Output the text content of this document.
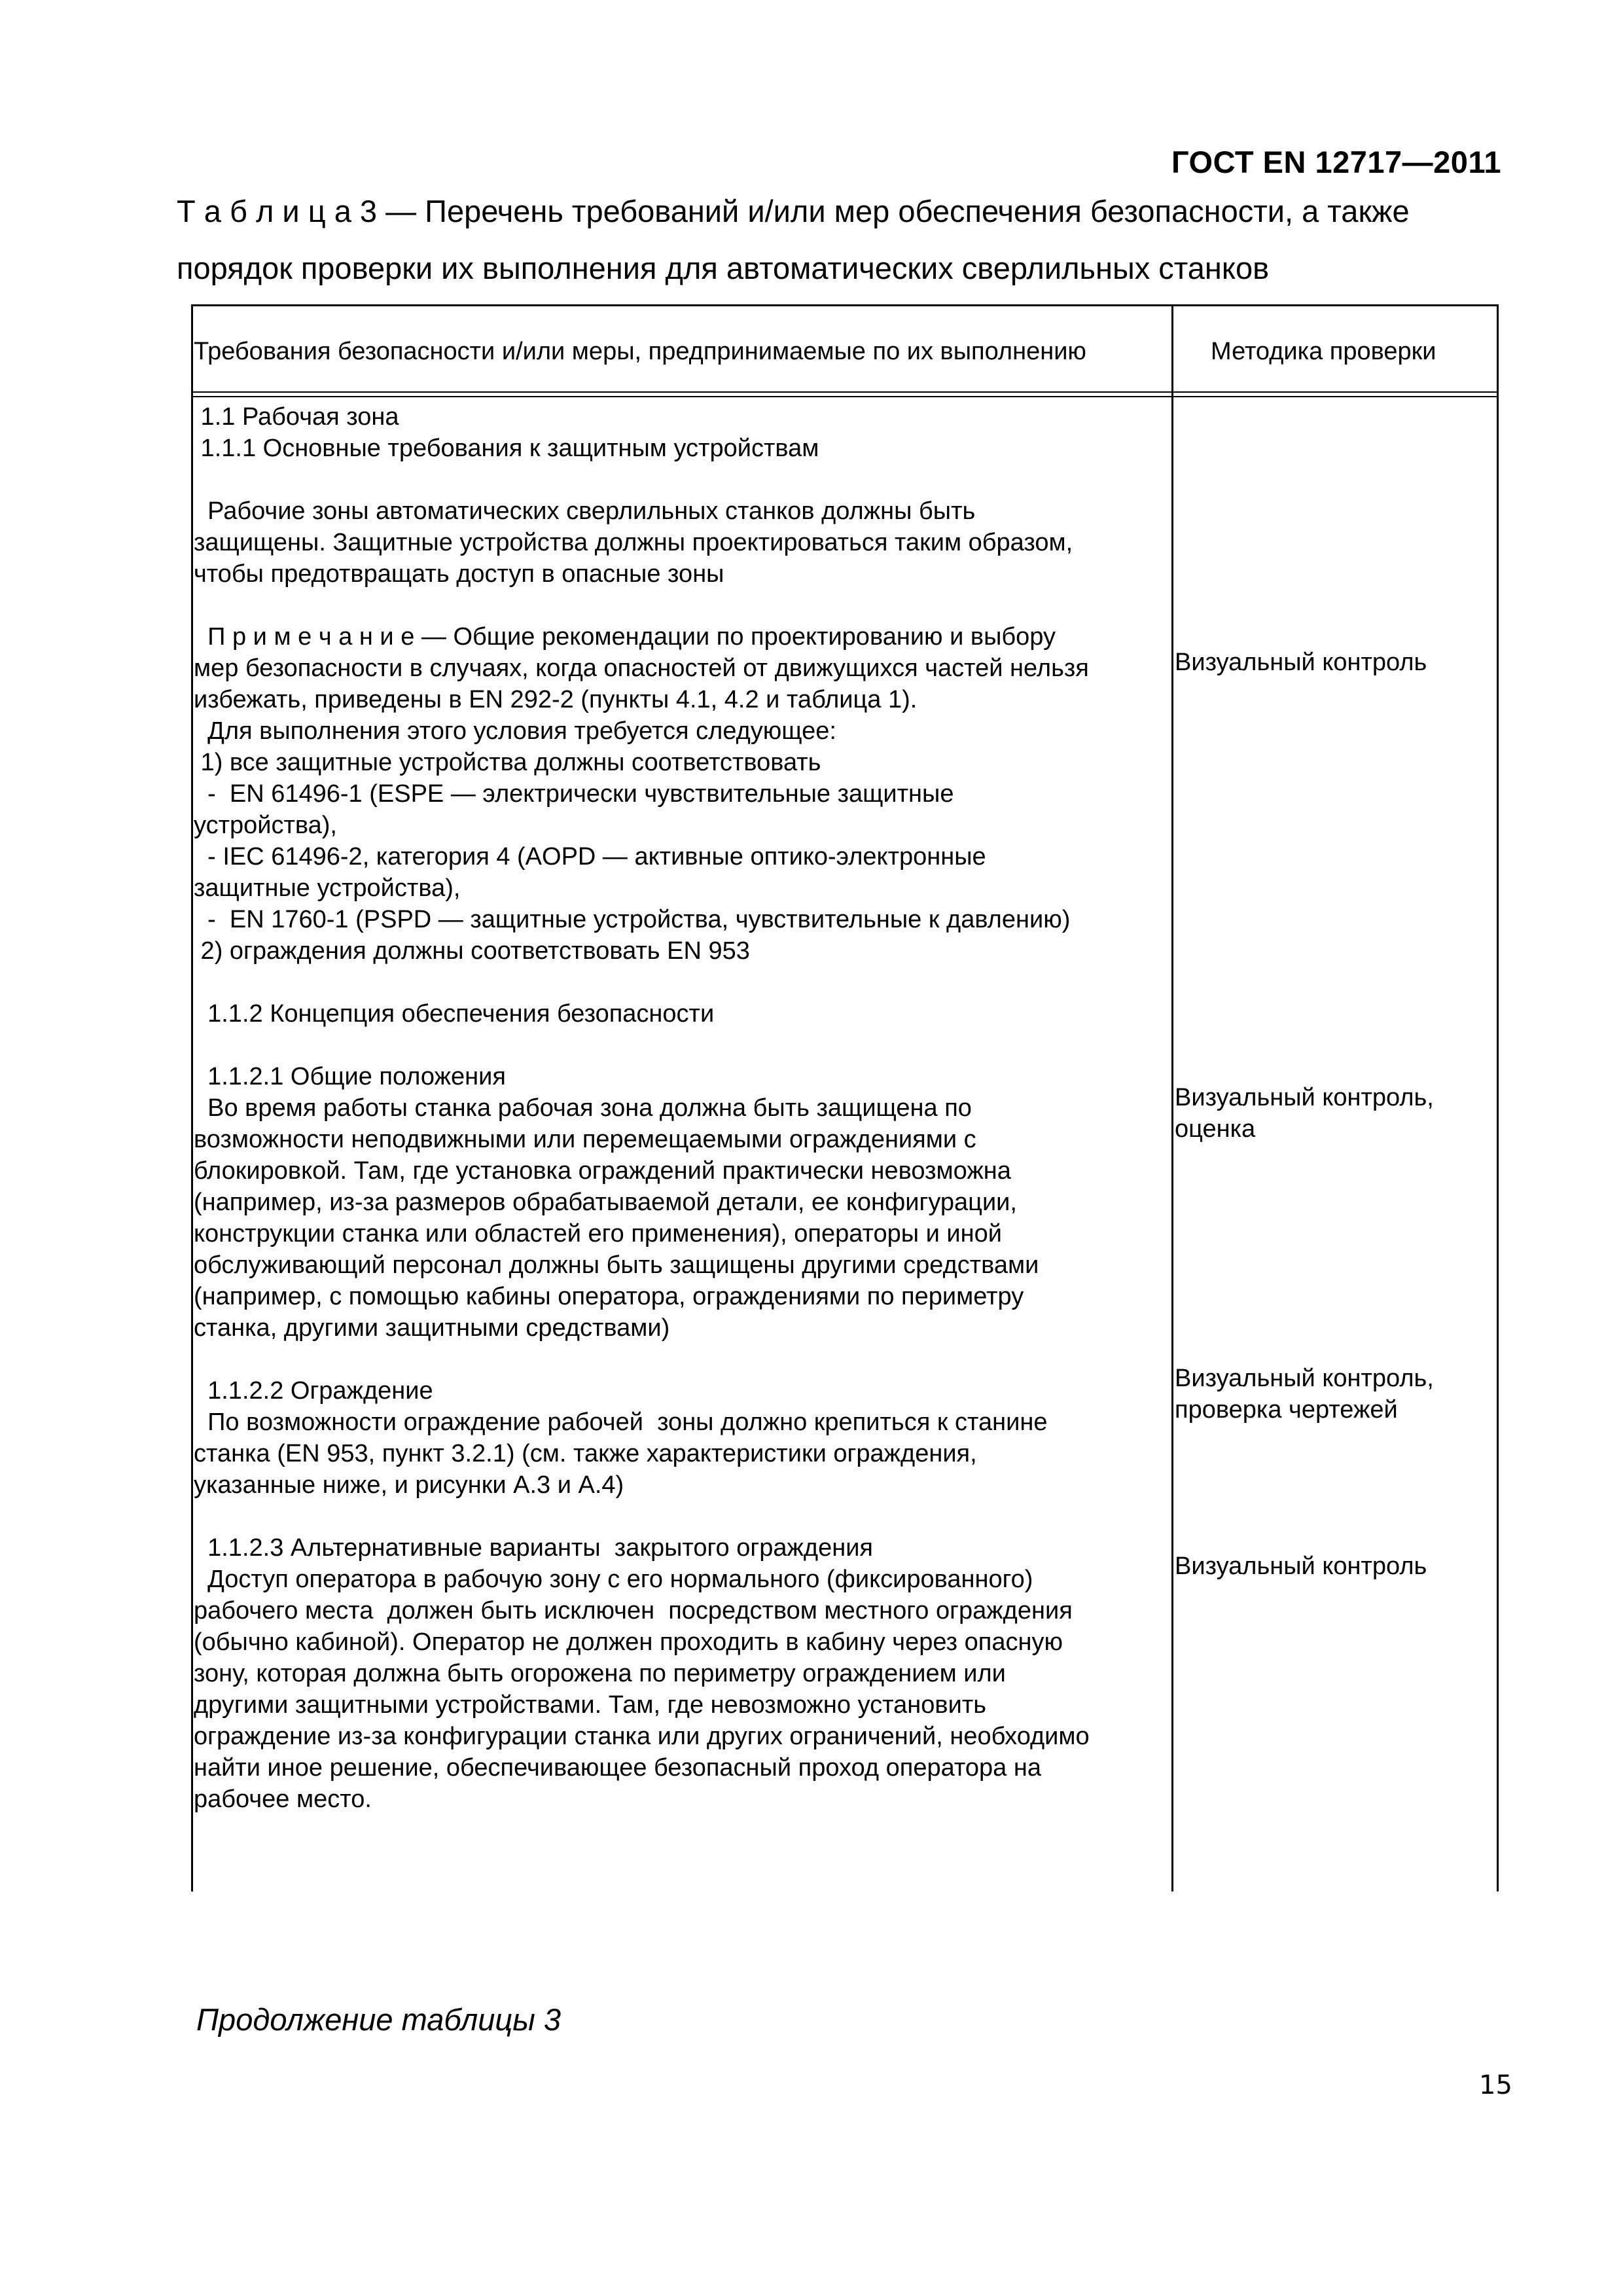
ГОСТ EN 12717—2011
Т а б л и ц а 3 — Перечень требований и/или мер обеспечения безопасности, а также
порядок проверки их выполнения для автоматических сверлильных станков
Требования безопасности и/или меры, предпринимаемые по их выполнению	Методика проверки
1.1 Рабочая зона
1.1.1 Основные требования к защитным устройствам

Рабочие зоны автоматических сверлильных станков должны быть
защищены. Защитные устройства должны проектироваться таким образом,
чтобы предотвращать доступ в опасные зоны

П р и м е ч а н и е — Общие рекомендации по проектированию и выбору
мер безопасности в случаях, когда опасностей от движущихся частей нельзя
избежать, приведены в EN 292-2 (пункты 4.1, 4.2 и таблица 1).
Для выполнения этого условия требуется следующее:
1) все защитные устройства должны соответствовать
-  EN 61496-1 (ESPE — электрически чувствительные защитные
устройства),
- IEC 61496-2, категория 4 (AOPD — активные оптико-электронные
защитные устройства),
-  EN 1760-1 (PSPD — защитные устройства, чувствительные к давлению)
2) ограждения должны соответствовать EN 953

1.1.2 Концепция обеспечения безопасности

1.1.2.1 Общие положения
Во время работы станка рабочая зона должна быть защищена по
возможности неподвижными или перемещаемыми ограждениями с
блокировкой. Там, где установка ограждений практически невозможна
(например, из-за размеров обрабатываемой детали, ее конфигурации,
конструкции станка или областей его применения), операторы и иной
обслуживающий персонал должны быть защищены другими средствами
(например, с помощью кабины оператора, ограждениями по периметру
станка, другими защитными средствами)

1.1.2.2 Ограждение
По возможности ограждение рабочей  зоны должно крепиться к станине
станка (EN 953, пункт 3.2.1) (см. также характеристики ограждения,
указанные ниже, и рисунки А.3 и А.4)

1.1.2.3 Альтернативные варианты  закрытого ограждения
Доступ оператора в рабочую зону с его нормального (фиксированного)
рабочего места  должен быть исключен  посредством местного ограждения
(обычно кабиной). Оператор не должен проходить в кабину через опасную
зону, которая должна быть огорожена по периметру ограждением или
другими защитными устройствами. Там, где невозможно установить
ограждение из-за конфигурации станка или других ограничений, необходимо
найти иное решение, обеспечивающее безопасный проход оператора на
рабочее место.
Визуальный контроль
Визуальный контроль,
оценка
Визуальный контроль,
проверка чертежей
Визуальный контроль
Продолжение таблицы 3
15
